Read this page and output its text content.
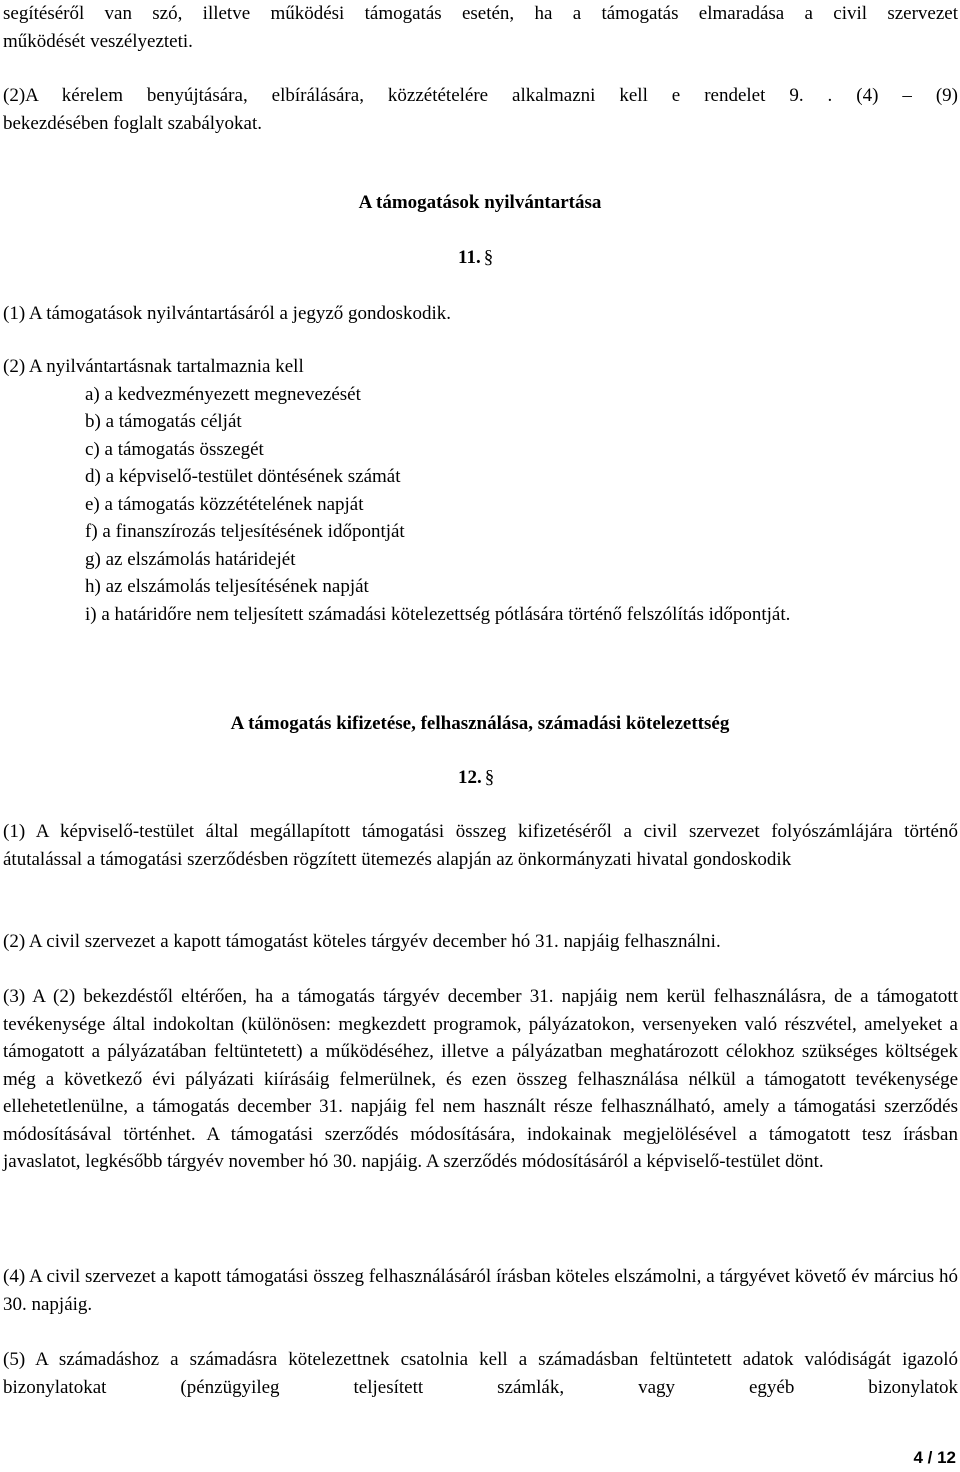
segítéséről van szó, illetve működési támogatás esetén, ha a támogatás elmaradása a civil szervezet

működését veszélyezteti.

(2)A kérelem benyújtására, elbírálására, közzétételére alkalmazni kell e rendelet 9. . (4) – (9)

bekezdésében foglalt szabályokat.

A támogatások nyilvántartása

11. §

(1) A támogatások nyilvántartásáról a jegyző gondoskodik.

(2) A nyilvántartásnak tartalmaznia kell

a) a kedvezményezett megnevezését
b) a támogatás célját
c) a támogatás összegét
d) a képviselő-testület döntésének számát
e) a támogatás közzétételének napját
f) a finanszírozás teljesítésének időpontját
g) az elszámolás határidejét
h) az elszámolás teljesítésének napját
i) a határidőre nem teljesített számadási kötelezettség pótlására történő felszólítás időpontját.

A támogatás kifizetése, felhasználása, számadási kötelezettség

12. §

(1) A képviselő-testület által megállapított támogatási összeg kifizetéséről a civil szervezet folyószámlájára történő átutalással a támogatási szerződésben rögzített ütemezés alapján az önkormányzati hivatal gondoskodik

(2) A civil szervezet a kapott támogatást köteles tárgyév december hó 31. napjáig felhasználni.

(3) A (2) bekezdéstől eltérően, ha a támogatás tárgyév december 31. napjáig nem kerül felhasználásra, de a támogatott tevékenysége által indokoltan (különösen: megkezdett programok, pályázatokon, versenyeken való részvétel, amelyeket a támogatott a pályázatában feltüntetett) a működéséhez, illetve a pályázatban meghatározott célokhoz szükséges költségek még a következő évi pályázati kiírásáig felmerülnek, és ezen összeg felhasználása nélkül a támogatott tevékenysége ellehetetlenülne, a támogatás december 31. napjáig fel nem használt része felhasználható, amely a támogatási szerződés módosításával történhet. A támogatási szerződés módosítására, indokainak megjelölésével a támogatott tesz írásban javaslatot, legkésőbb tárgyév november hó 30. napjáig. A szerződés módosításáról a képviselő-testület dönt.

(4) A civil szervezet a kapott támogatási összeg felhasználásáról írásban köteles elszámolni, a tárgyévet követő év március hó 30. napjáig.

(5) A számadáshoz a számadásra kötelezettnek csatolnia kell a számadásban feltüntetett adatok valódiságát igazoló bizonylatokat (pénzügyileg teljesített számlák, vagy egyéb bizonylatok

4 / 12
